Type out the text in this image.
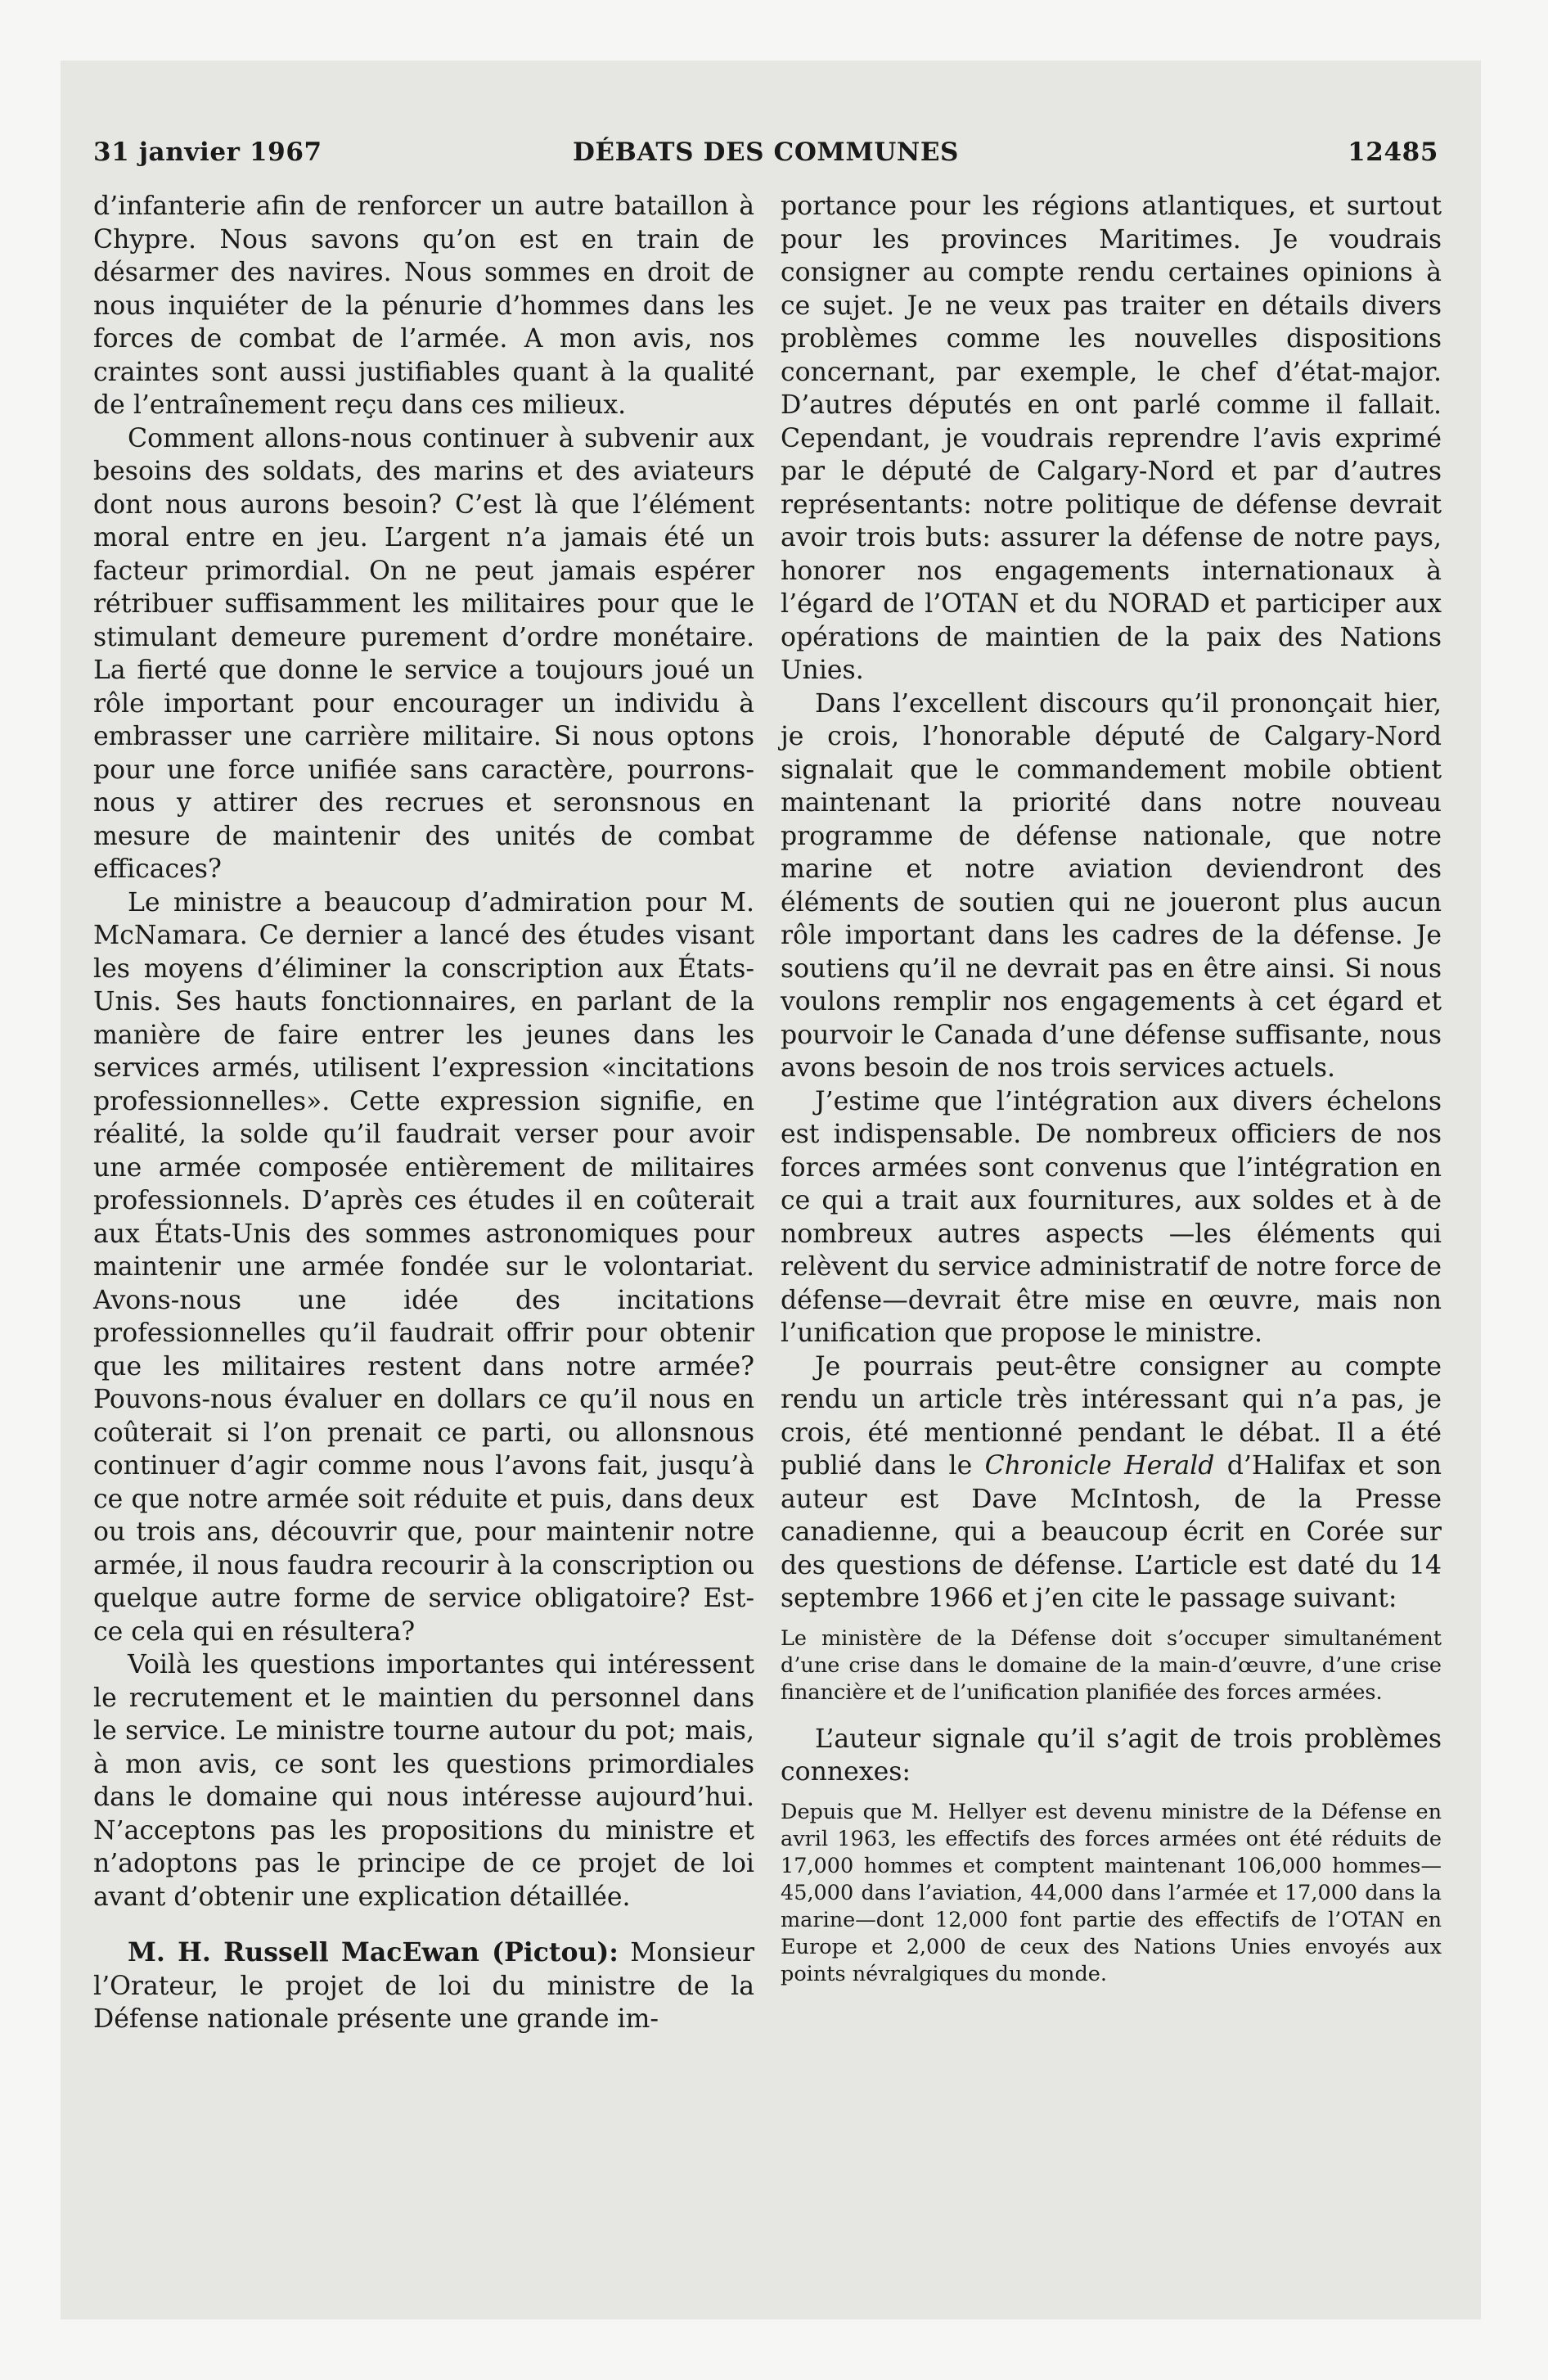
31 janvier 1967	DÉBATS DES COMMUNES	12485

d’infanterie afin de renforcer un autre bataillon à Chypre. Nous savons qu’on est en train de désarmer des navires. Nous sommes en droit de nous inquiéter de la pénurie d’hommes dans les forces de combat de l’armée. A mon avis, nos craintes sont aussi justifiables quant à la qualité de l’entraînement reçu dans ces milieux.

Comment allons-nous continuer à subvenir aux besoins des soldats, des marins et des aviateurs dont nous aurons besoin? C’est là que l’élément moral entre en jeu. L’argent n’a jamais été un facteur primordial. On ne peut jamais espérer rétribuer suffisamment les militaires pour que le stimulant demeure purement d’ordre monétaire. La fierté que donne le service a toujours joué un rôle important pour encourager un individu à embrasser une carrière militaire. Si nous optons pour une force unifiée sans caractère, pourrons-nous y attirer des recrues et seronsnous en mesure de maintenir des unités de combat efficaces?

Le ministre a beaucoup d’admiration pour M. McNamara. Ce dernier a lancé des études visant les moyens d’éliminer la conscription aux États-Unis. Ses hauts fonctionnaires, en parlant de la manière de faire entrer les jeunes dans les services armés, utilisent l’expression «incitations professionnelles». Cette expression signifie, en réalité, la solde qu’il faudrait verser pour avoir une armée composée entièrement de militaires professionnels. D’après ces études il en coûterait aux États-Unis des sommes astronomiques pour maintenir une armée fondée sur le volontariat. Avons-nous une idée des incitations professionnelles qu’il faudrait offrir pour obtenir que les militaires restent dans notre armée? Pouvons-nous évaluer en dollars ce qu’il nous en coûterait si l’on prenait ce parti, ou allonsnous continuer d’agir comme nous l’avons fait, jusqu’à ce que notre armée soit réduite et puis, dans deux ou trois ans, découvrir que, pour maintenir notre armée, il nous faudra recourir à la conscription ou quelque autre forme de service obligatoire? Est-ce cela qui en résultera?

Voilà les questions importantes qui intéressent le recrutement et le maintien du personnel dans le service. Le ministre tourne autour du pot; mais, à mon avis, ce sont les questions primordiales dans le domaine qui nous intéresse aujourd’hui. N’acceptons pas les propositions du ministre et n’adoptons pas le principe de ce projet de loi avant d’obtenir une explication détaillée.

M. H. Russell MacEwan (Pictou): Monsieur l’Orateur, le projet de loi du ministre de la Défense nationale présente une grande im-

portance pour les régions atlantiques, et surtout pour les provinces Maritimes. Je voudrais consigner au compte rendu certaines opinions à ce sujet. Je ne veux pas traiter en détails divers problèmes comme les nouvelles dispositions concernant, par exemple, le chef d’état-major. D’autres députés en ont parlé comme il fallait. Cependant, je voudrais reprendre l’avis exprimé par le député de Calgary-Nord et par d’autres représentants: notre politique de défense devrait avoir trois buts: assurer la défense de notre pays, honorer nos engagements internationaux à l’égard de l’OTAN et du NORAD et participer aux opérations de maintien de la paix des Nations Unies.

Dans l’excellent discours qu’il prononçait hier, je crois, l’honorable député de Calgary-Nord signalait que le commandement mobile obtient maintenant la priorité dans notre nouveau programme de défense nationale, que notre marine et notre aviation deviendront des éléments de soutien qui ne joueront plus aucun rôle important dans les cadres de la défense. Je soutiens qu’il ne devrait pas en être ainsi. Si nous voulons remplir nos engagements à cet égard et pourvoir le Canada d’une défense suffisante, nous avons besoin de nos trois services actuels.

J’estime que l’intégration aux divers échelons est indispensable. De nombreux officiers de nos forces armées sont convenus que l’intégration en ce qui a trait aux fournitures, aux soldes et à de nombreux autres aspects —les éléments qui relèvent du service administratif de notre force de défense—devrait être mise en œuvre, mais non l’unification que propose le ministre.

Je pourrais peut-être consigner au compte rendu un article très intéressant qui n’a pas, je crois, été mentionné pendant le débat. Il a été publié dans le Chronicle Herald d’Halifax et son auteur est Dave McIntosh, de la Presse canadienne, qui a beaucoup écrit en Corée sur des questions de défense. L’article est daté du 14 septembre 1966 et j’en cite le passage suivant:

Le ministère de la Défense doit s’occuper simultanément d’une crise dans le domaine de la main-d’œuvre, d’une crise financière et de l’unification planifiée des forces armées.

L’auteur signale qu’il s’agit de trois problèmes connexes:

Depuis que M. Hellyer est devenu ministre de la Défense en avril 1963, les effectifs des forces armées ont été réduits de 17,000 hommes et comptent maintenant 106,000 hommes—45,000 dans l’aviation, 44,000 dans l’armée et 17,000 dans la marine—dont 12,000 font partie des effectifs de l’OTAN en Europe et 2,000 de ceux des Nations Unies envoyés aux points névralgiques du monde.
